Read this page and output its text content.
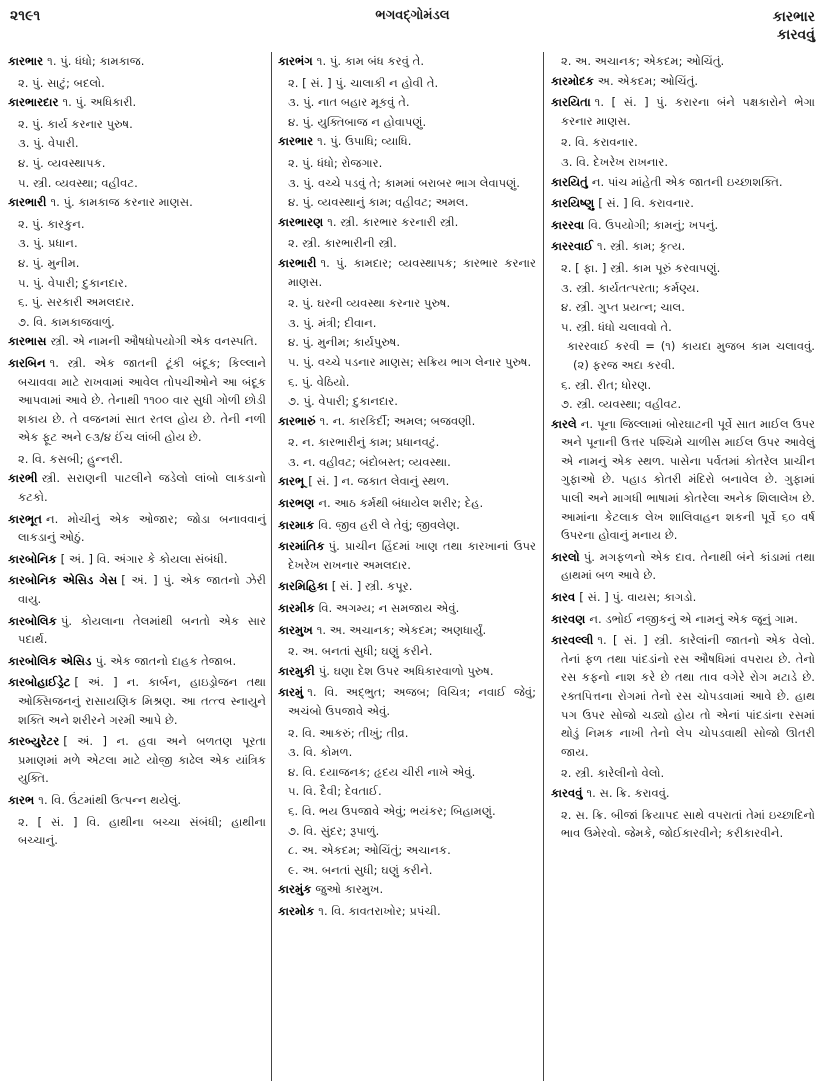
૨૧૯૧	ભગવદ્ગોમંડલ	કારભાર
કારવવું
કારભાર ૧. પું. ધંધો; કામકાજ.
૨. પું. સાટું; બદલો.
કારભારદાર ૧. પું. અધિકારી.
૨. પું. કાર્ય કરનાર પુરુષ.
૩. પું. વેપારી.
૪. પું. વ્યવસ્થાપક.
૫. સ્ત્રી. વ્યવસ્થા; વહીવટ.
કારભારી ૧. પું. કામકાજ કરનાર માણસ.
૨. પું. કારકુન.
૩. પું. પ્રધાન.
૪. પું. મુનીમ.
૫. પું. વેપારી; દુકાનદાર.
૬. પું. સરકારી અમલદાર.
૭. વિ. કામકાજવાળું.
કારભાસ સ્ત્રી. એ નામની ઔષધોપયોગી એક વનસ્પતિ.
કારબિન ૧. સ્ત્રી. એક જાતની ટૂંકી બંદૂક; કિલ્લાને બચાવવા માટે રાખવામાં આવેલ તોપચીઓને આ બંદૂક આપવામાં આવે છે. તેનાથી ૧૧૦૦ વાર સુધી ગોળી છોડી શકાય છે. તે વજનમાં સાત રતલ હોય છે. તેની નળી એક ફૂટ અને ૯૩/૪ ઈંચ લાંબી હોય છે.
૨. વિ. કસબી; હુન્નરી.
કારભી સ્ત્રી. સરાણની પાટલીને જડેલો લાંબો લાકડાનો કટકો.
કારભૂત ન. મોચીનું એક ઓજાર; જોડા બનાવવાનું લાકડાનું ઓઠું.
કારબોનિક [ અં. ] વિ. અંગાર કે કોયલા સંબંધી.
કારબોનિક એસિડ ગેસ [ અં. ] પું. એક જાતનો ઝેરી વાયુ.
કારબોલિક પું. કોયલાના તેલમાંથી બનતો એક સાર પદાર્થ.
કારબોલિક એસિડ પું. એક જાતનો દાહક તેજાબ.
કારબોહાઈડ્રેટ [ અં. ] ન. કાર્બન, હાઇડ્રોજન તથા ઓક્સિજનનું રાસાયણિક મિશ્રણ. આ તત્ત્વ સ્નાયુને શક્તિ અને શરીરને ગરમી આપે છે.
કારબ્યુરેટર [ અં. ] ન. હવા અને બળતણ પૂરતા પ્રમાણમાં મળે એટલા માટે યોજી કાઢેલ એક યાંત્રિક યુક્તિ.
કારભ ૧. વિ. ઉંટમાંથી ઉત્પન્ન થયેલું.
૨. [ સં. ] વિ. હાથીના બચ્ચા સંબંધી; હાથીના બચ્ચાનું.
કારભંગ ૧. પું. કામ બંધ કરવું તે.
૨. [ સં. ] પું. ચાલાકી ન હોવી તે.
૩. પું. નાત બહાર મૂકવું તે.
૪. પું. યુક્તિબાજ ન હોવાપણું.
કારભાર ૧. પું. ઉપાધિ; વ્યાધિ.
૨. પું. ધંધો; રોજગાર.
૩. પું. વચ્ચે પડવું તે; કામમાં બરાબર ભાગ લેવાપણું.
૪. પું. વ્યવસ્થાનું કામ; વહીવટ; અમલ.
કારભારણ ૧. સ્ત્રી. કારભાર કરનારી સ્ત્રી.
૨. સ્ત્રી. કારભારીની સ્ત્રી.
કારભારી ૧. પું. કામદાર; વ્યવસ્થાપક; કારભાર કરનાર માણસ.
૨. પું. ઘરની વ્યવસ્થા કરનાર પુરુષ.
૩. પું. મંત્રી; દીવાન.
૪. પું. મુનીમ; કાર્યપુરુષ.
૫. પું. વચ્ચે પડનાર માણસ; સક્રિય ભાગ લેનાર પુરુષ.
૬. પું. વેઠિયો.
૭. પું. વેપારી; દુકાનદાર.
કારભારું ૧. ન. કારકિર્દી; અમલ; બજવણી.
૨. ન. કારભારીનું કામ; પ્રધાનવટું.
૩. ન. વહીવટ; બંદોબસ્ત; વ્યવસ્થા.
કારભૂ [ સં. ] ન. જકાત લેવાનું સ્થળ.
કારભણ ન. આઠ કર્મથી બંધાયેલ શરીર; દેહ.
કારમાક વિ. જીવ હરી લે તેવું; જીવલેણ.
કારમાંતિક પું. પ્રાચીન હિંદમાં ખાણ તથા કારખાનાં ઉપર દેખરેખ રાખનાર અમલદાર.
કારમિહિકા [ સં. ] સ્ત્રી. કપૂર.
કારમીક વિ. અગમ્ય; ન સમજાય એવું.
કારમુખ ૧. અ. અચાનક; એકદમ; અણધાર્યું.
૨. અ. બનતાં સુધી; ઘણું કરીને.
કારમુકી પું. ઘણા દેશ ઉપર અધિકારવાળો પુરુષ.
કારમું ૧. વિ. અદ્ભુત; અજબ; વિચિત્ર; નવાઈ જેવું; અચંબો ઉપજાવે એવું.
૨. વિ. આકરું; તીખું; તીવ્ર.
૩. વિ. કોમળ.
૪. વિ. દયાજનક; હૃદય ચીરી નાખે એવું.
૫. વિ. દૈવી; દેવતાઈ.
૬. વિ. ભય ઉપજાવે એવું; ભયંકર; બિહામણું.
૭. વિ. સુંદર; રૂપાળું.
૮. અ. એકદમ; ઓચિંતું; અચાનક.
૯. અ. બનતાં સુધી; ઘણું કરીને.
કારમુંક જુઓ કારમુખ.
કારમોક ૧. વિ. કાવતરાખોર; પ્રપંચી.
૨. અ. અચાનક; એકદમ; ઓચિંતું.
કારમોદક અ. એકદમ; ઓચિંતું.
કારયિતા ૧. [ સં. ] પું. કરારના બંને પક્ષકારોને ભેગા કરનાર માણસ.
૨. વિ. કરાવનાર.
૩. વિ. દેખરેખ રાખનાર.
કારયિતું ન. પાંચ માંહેતી એક જાતની ઇચ્છાશક્તિ.
કારયિષ્ણુ [ સં. ] વિ. કરાવનાર.
કારરવા વિ. ઉપયોગી; કામનું; ખપનું.
કારરવાઈ ૧. સ્ત્રી. કામ; કૃત્ય.
૨. [ ફા. ] સ્ત્રી. કામ પૂરું કરવાપણું.
૩. સ્ત્રી. કાર્યતત્પરતા; કર્મણ્ય.
૪. સ્ત્રી. ગુપ્ત પ્રયત્ન; ચાલ.
૫. સ્ત્રી. ધંધો ચલાવવો તે.
કારરવાઈ કરવી = (૧) કાયદા મુજબ કામ ચલાવવું. (૨) ફરજ અદા કરવી.
૬. સ્ત્રી. રીત; ધોરણ.
૭. સ્ત્રી. વ્યવસ્થા; વહીવટ.
કારલે ન. પૂના જિલ્લામાં બોરઘાટની પૂર્વે સાત માઈલ ઉપર અને પૂનાની ઉત્તર પશ્ચિમે ચાળીસ માઈલ ઉપર આવેલું એ નામનું એક સ્થળ. પાસેના પર્વતમાં કોતરેલ પ્રાચીન ગુફાઓ છે. પહાડ કોતરી મંદિરો બનાવેલ છે. ગુફામાં પાલી અને માગધી ભાષામાં કોતરેલા અનેક શિલાલેખ છે. આમાંના કેટલાક લેખ શાલિવાહન શકની પૂર્વે ૬૦ વર્ષ ઉપરના હોવાનું મનાય છે.
કારલો પું. મગફળનો એક દાવ. તેનાથી બંને કાંડામાં તથા હાથમાં બળ આવે છે.
કારવ [ સં. ] પું. વાયસ; કાગડો.
કારવણ ન. ડભોઈ નજીકનું એ નામનું એક જૂનું ગામ.
કારવલ્લી ૧. [ સં. ] સ્ત્રી. કારેલાંની જાતનો એક વેલો. તેનાં ફળ તથા પાંદડાંનો રસ ઔષધિમાં વપરાય છે. તેનો રસ કફનો નાશ કરે છે તથા તાવ વગેરે રોગ મટાડે છે. રક્તપિત્તના રોગમાં તેનો રસ ચોપડવામાં આવે છે. હાથ પગ ઉપર સોજો ચડ્યો હોય તો એનાં પાંદડાંના રસમાં થોડું નિમક નાખી તેનો લેપ ચોપડવાથી સોજો ઊતરી જાય.
૨. સ્ત્રી. કારેલીનો વેલો.
કારવવું ૧. સ. ક્રિ. કરાવવું.
૨. સ. ક્રિ. બીજાં ક્રિયાપદ સાથે વપરાતાં તેમાં ઇચ્છાદિનો ભાવ ઉમેરવો. જેમકે, જોઈકારવીને; કરીકારવીને.
